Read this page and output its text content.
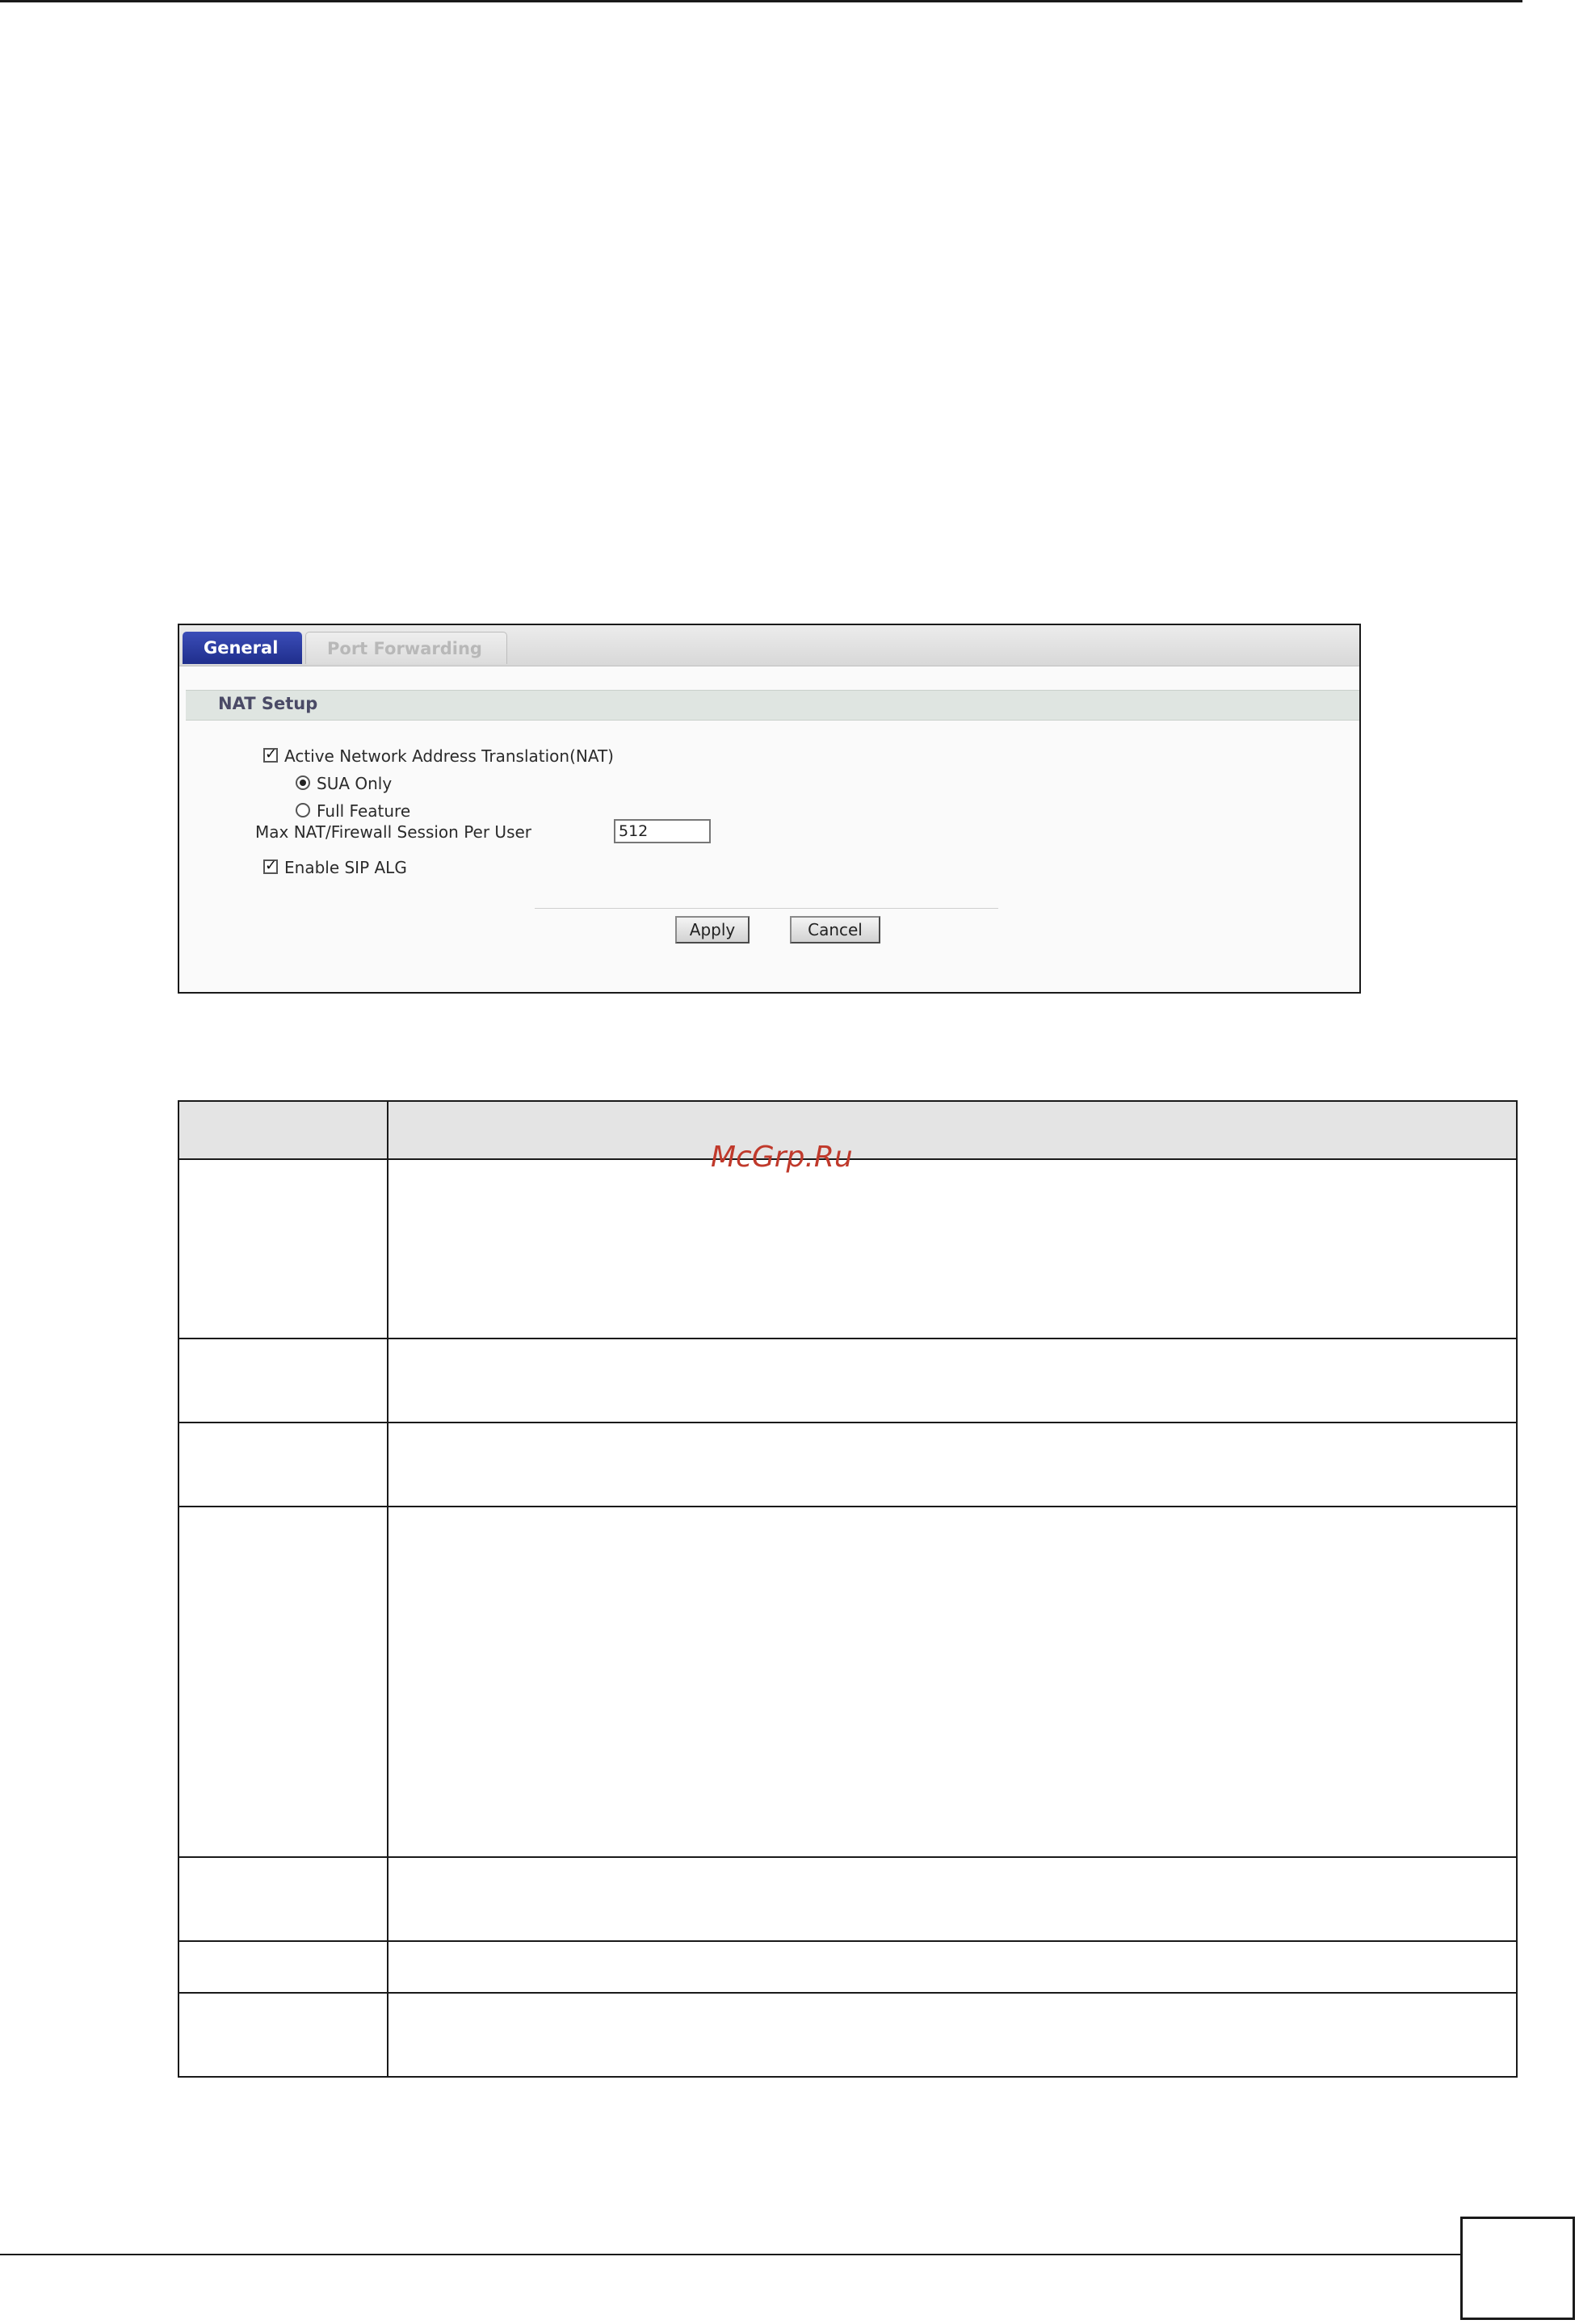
General	Port Forwarding
NAT Setup
✓ Active Network Address Translation(NAT)
SUA Only
Full Feature
Max NAT/Firewall Session Per User
512
✓ Enable SIP ALG
Apply	Cancel

McGrp.Ru
